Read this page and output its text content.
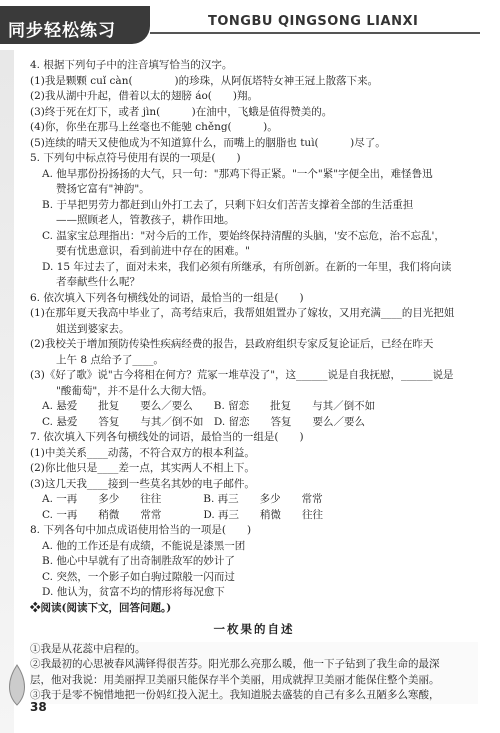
同步轻松练习	TONGBU QINGSONG LIANXI
4. 根据下列句子中的注音填写恰当的汉字。
(1)我是颗颗 cuǐ càn(　　　　)的珍珠，从阿佤塔特女神王冠上散落下来。
(2)我从湖中升起，借着以太的翅膀 áo(　　)翔。
(3)终于死在灯下，或者 jìn(　　　)在油中，飞蛾是值得赞美的。
(4)你，你坐在那马上丝毫也不能驰 chěng(　　　)。
(5)连续的晴天又使他成为不知道算什么，而嘴上的胭脂也 tuì(　　　)尽了。
5. 下列句中标点符号使用有误的一项是(　　)
A. 他早那份扮扬扬的大气，只一句："那鸡下得正紧。"一个"紧"字便全出，难怪鲁迅
赞扬它富有"神韵"。
B. 于旱把男劳力都赶到山外打工去了，只剩下妇女们苦苦支撑着全部的生活重担
——照顾老人，管教孩子，耕作田地。
C. 温家宝总理指出："对今后的工作，要始终保持清醒的头脑，'安不忘危，治不忘乱'，
要有忧患意识，看到前进中存在的困难。"
D. 15 年过去了，面对未来，我们必须有所继承，有所创新。在新的一年里，我们将向读
者奉献些什么呢？
6. 依次填入下列各句横线处的词语，最恰当的一组是(　　)
(1)在那年夏天我高中毕业了，高考结束后，我帮姐姐置办了嫁妆，又用充满____的目光把姐
姐送到婆家去。
(2)我校关于增加预防传染性疾病经费的报告，县政府组织专家反复论证后，已经在昨天
上午 8 点给予了____。
(3)《好了歌》说"古今将相在何方？荒冢一堆草没了"，这______说是自我抚慰，______说是
"酸葡萄"，并不是什么大彻大悟。
A. 悬爱　　批复　　要么／要么　　B. 留恋　　批复　　与其／倒不如
C. 悬爱　　答复　　与其／倒不如　D. 留恋　　答复　　要么／要么
7. 依次填入下列各句横线处的词语，最恰当的一组是(　　)
(1)中美关系____动荡，不符合双方的根本利益。
(2)你比他只是____差一点，其实两人不相上下。
(3)这几天我____接到一些莫名其妙的电子邮件。
A. 一再　　多少　　往往　　　　B. 再三　　多少　　常常
C. 一再　　稍微　　常常　　　　D. 再三　　稍微　　往往
8. 下列各句中加点成语使用恰当的一项是(　　)
A. 他的工作还是有成绩，不能说是漆黑一团
B. 他心中早就有了出奇制胜敌军的妙计了
C. 突然，一个影子如白驹过隙般一闪而过
D. 他认为，贫富不均的情形将每况愈下
❖阅读(阅读下文，回答问题。)
一枚果的自述
①我是从花蕊中启程的。
②我最初的心思被春风满铎得很苦芬。阳光那么亮那么暖，他一下子钻到了我生命的最深
层，他对我说：用美丽捍卫美丽只能保存半个美丽，用成就捍卫美丽才能保住整个美丽。
③我于是零不惋惜地把一份妈红投入泥土。我知道脱去盛装的自己有多么丑陋多么寒酸，
38
